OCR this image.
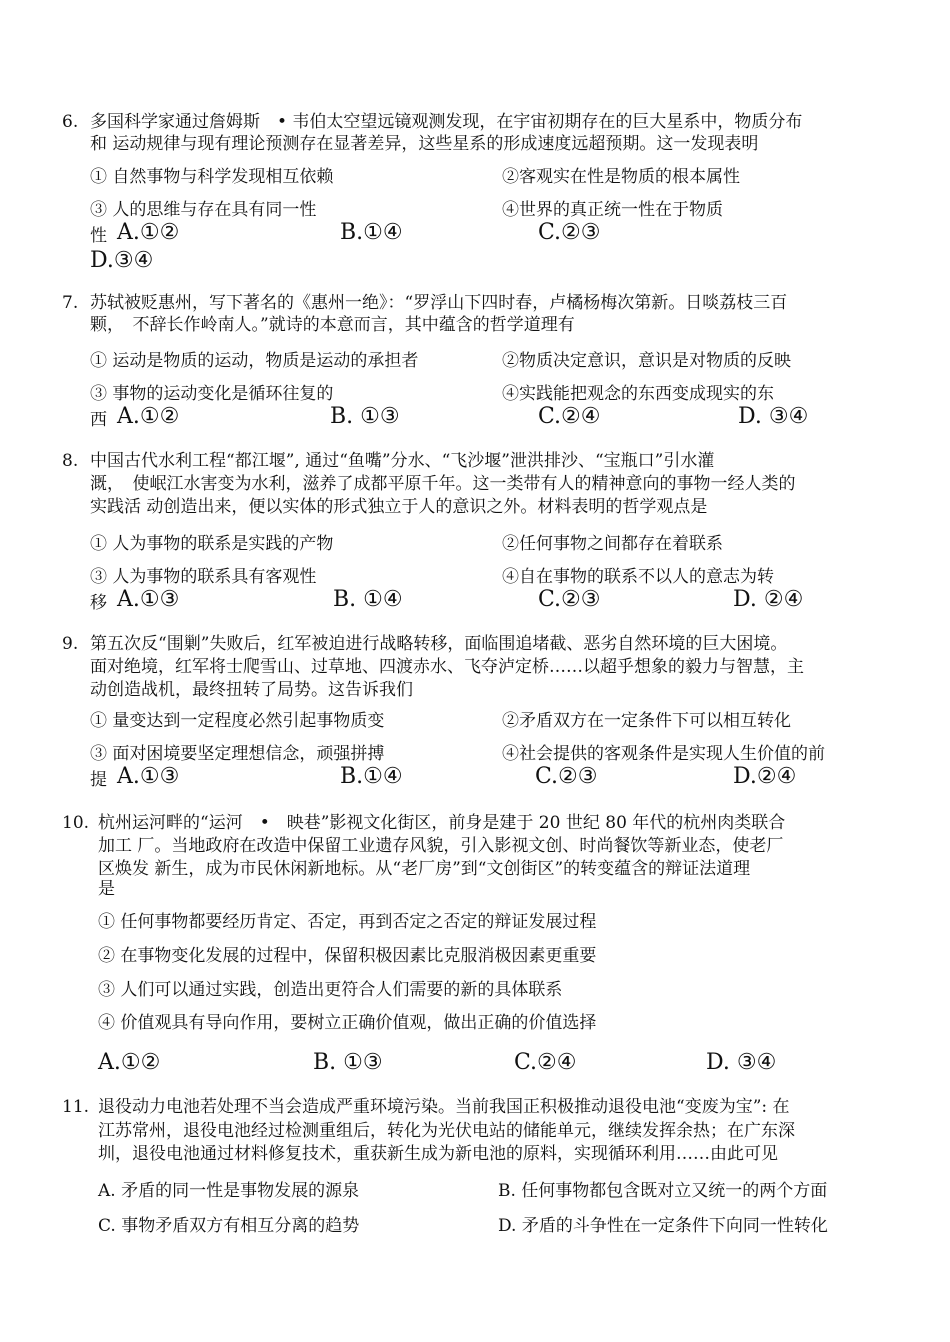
6. 多国科学家通过詹姆斯　• 韦伯太空望远镜观测发现，在宇宙初期存在的巨大星系中，物质分布
和 运动规律与现有理论预测存在显著差异，这些星系的形成速度远超预期。这一发现表明
① 自然事物与科学发现相互依赖	②客观实在性是物质的根本属性
③ 人的思维与存在具有同一性	④世界的真正统一性在于物质
性 A.①②	B.①④	C.②③
D.③④
7. 苏轼被贬惠州，写下著名的《惠州一绝》：“罗浮山下四时春，卢橘杨梅次第新。日啖荔枝三百
颗，　不辞长作岭南人。”就诗的本意而言，其中蕴含的哲学道理有
① 运动是物质的运动，物质是运动的承担者	②物质决定意识，意识是对物质的反映
③ 事物的运动变化是循环往复的	④实践能把观念的东西变成现实的东
西 A.①②	B. ①③	C.②④	D. ③④
8. 中国古代水利工程“都江堰”, 通过“鱼嘴”分水、“飞沙堰”泄洪排沙、“宝瓶口”引水灌
溉，　使岷江水害变为水利，滋养了成都平原千年。这一类带有人的精神意向的事物一经人类的
实践活 动创造出来，便以实体的形式独立于人的意识之外。材料表明的哲学观点是
① 人为事物的联系是实践的产物	②任何事物之间都存在着联系
③ 人为事物的联系具有客观性	④自在事物的联系不以人的意志为转
移 A.①③	B. ①④	C.②③	D. ②④
9. 第五次反“围剿”失败后，红军被迫进行战略转移，面临围追堵截、恶劣自然环境的巨大困境。
面对绝境，红军将士爬雪山、过草地、四渡赤水、飞夺泸定桥……以超乎想象的毅力与智慧，主
动创造战机，最终扭转了局势。这告诉我们
① 量变达到一定程度必然引起事物质变	②矛盾双方在一定条件下可以相互转化
③ 面对困境要坚定理想信念，顽强拼搏	④社会提供的客观条件是实现人生价值的前
提 A.①③	B.①④	C.②③	D.②④
10. 杭州运河畔的“运河　•　映巷”影视文化街区，前身是建于 20 世纪 80 年代的杭州肉类联合
加工 厂。当地政府在改造中保留工业遗存风貌，引入影视文创、时尚餐饮等新业态，使老厂
区焕发 新生，成为市民休闲新地标。从“老厂房”到“文创街区”的转变蕴含的辩证法道理
是
① 任何事物都要经历肯定、否定，再到否定之否定的辩证发展过程
② 在事物变化发展的过程中，保留积极因素比克服消极因素更重要
③ 人们可以通过实践，创造出更符合人们需要的新的具体联系
④ 价值观具有导向作用，要树立正确价值观，做出正确的价值选择
A.①②	B. ①③	C.②④	D. ③④
11. 退役动力电池若处理不当会造成严重环境污染。当前我国正积极推动退役电池“变废为宝”: 在
江苏常州，退役电池经过检测重组后，转化为光伏电站的储能单元，继续发挥余热；在广东深
圳，退役电池通过材料修复技术，重获新生成为新电池的原料，实现循环利用……由此可见
A. 矛盾的同一性是事物发展的源泉	B. 任何事物都包含既对立又统一的两个方面
C. 事物矛盾双方有相互分离的趋势	D. 矛盾的斗争性在一定条件下向同一性转化
